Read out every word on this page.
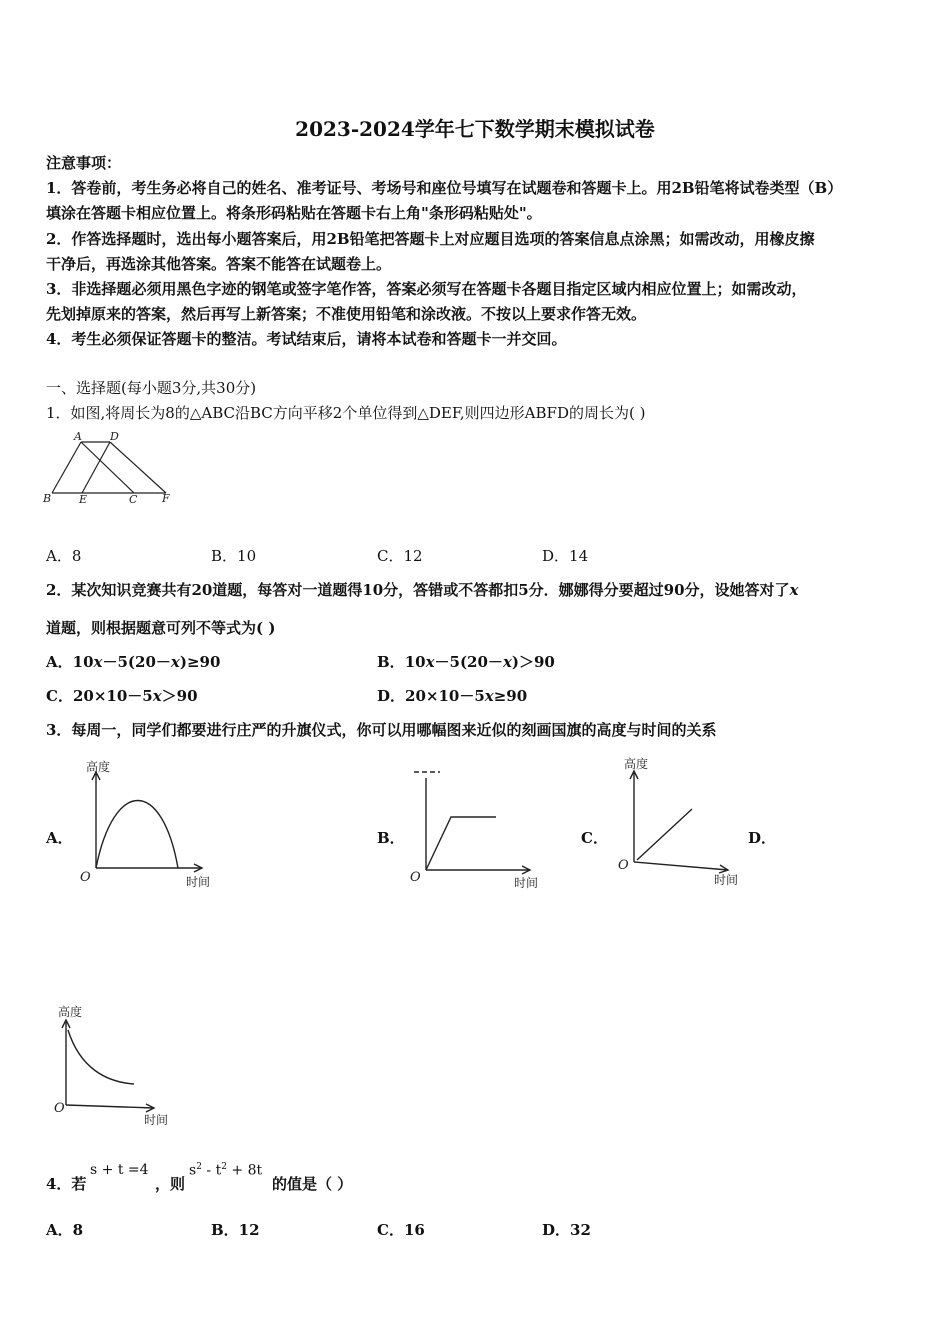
2023-2024学年七下数学期末模拟试卷
注意事项：
1．答卷前，考生务必将自己的姓名、准考证号、考场号和座位号填写在试题卷和答题卡上。用2B铅笔将试卷类型（B）
填涂在答题卡相应位置上。将条形码粘贴在答题卡右上角"条形码粘贴处"。
2．作答选择题时，选出每小题答案后，用2B铅笔把答题卡上对应题目选项的答案信息点涂黑；如需改动，用橡皮擦
干净后，再选涂其他答案。答案不能答在试题卷上。
3．非选择题必须用黑色字迹的钢笔或签字笔作答，答案必须写在答题卡各题目指定区域内相应位置上；如需改动，
先划掉原来的答案，然后再写上新答案；不准使用铅笔和涂改液。不按以上要求作答无效。
4．考生必须保证答题卡的整洁。考试结束后，请将本试卷和答题卡一并交回。
一、选择题(每小题3分,共30分)
1．如图,将周长为8的△ABC沿BC方向平移2个单位得到△DEF,则四边形ABFD的周长为( )
A	D
B	E	C F
A．8	B．10	C．12	D．14
2．某次知识竞赛共有20道题，每答对一道题得10分，答错或不答都扣5分．娜娜得分要超过90分，设她答对了x
道题，则根据题意可列不等式为( )
A．10x－5(20－x)≥90	B．10x－5(20－x)＞90
C．20×10－5x＞90	D．20×10－5x≥90
3．每周一，同学们都要进行庄严的升旗仪式，你可以用哪幅图来近似的刻画国旗的高度与时间的关系
A．
高度
O	时间
B．
O	时间
C．
高度
O
时间
D．
高度
O
时间
4．若
s + t =4
，则
$s^2 - t^2 + 8t$
的值是（ ）
A．8	B．12	C．16	D．32
